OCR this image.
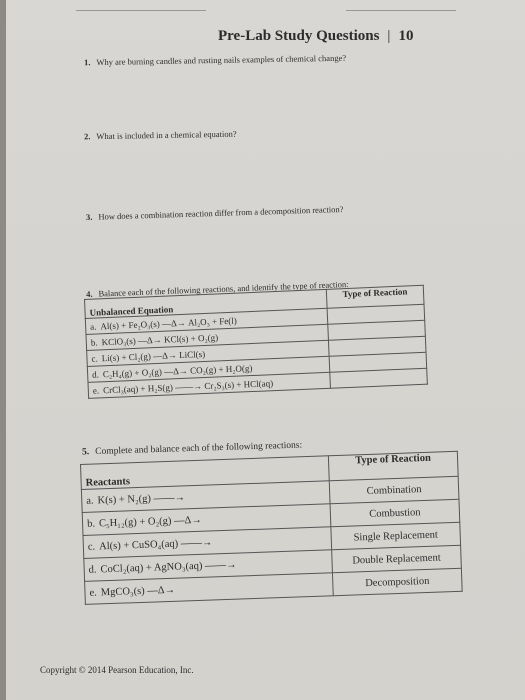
Pre-Lab Study Questions | 10
1. Why are burning candles and rusting nails examples of chemical change?
2. What is included in a chemical equation?
3. How does a combination reaction differ from a decomposition reaction?
4. Balance each of the following reactions, and identify the type of reaction:
Unbalanced Equation	Type of Reaction
a. Al(s) + Fe₂O₃(s) —Δ→ Al₂O₃ + Fe(l)	
b. KClO₃(s) —Δ→ KCl(s) + O₂(g)	
c. Li(s) + Cl₂(g) —Δ→ LiCl(s)	
d. C₂H₄(g) + O₂(g) —Δ→ CO₂(g) + H₂O(g)	
e. CrCl₃(aq) + H₂S(g) ——→ Cr₂S₃(s) + HCl(aq)	
5. Complete and balance each of the following reactions:
Reactants	Type of Reaction
a. K(s) + N₂(g) ——→	Combination
b. C₅H₁₂(g) + O₂(g) —Δ→	Combustion
c. Al(s) + CuSO₄(aq) ——→	Single Replacement
d. CoCl₂(aq) + AgNO₃(aq) ——→	Double Replacement
e. MgCO₃(s) —Δ→	Decomposition
Copyright © 2014 Pearson Education, Inc.
